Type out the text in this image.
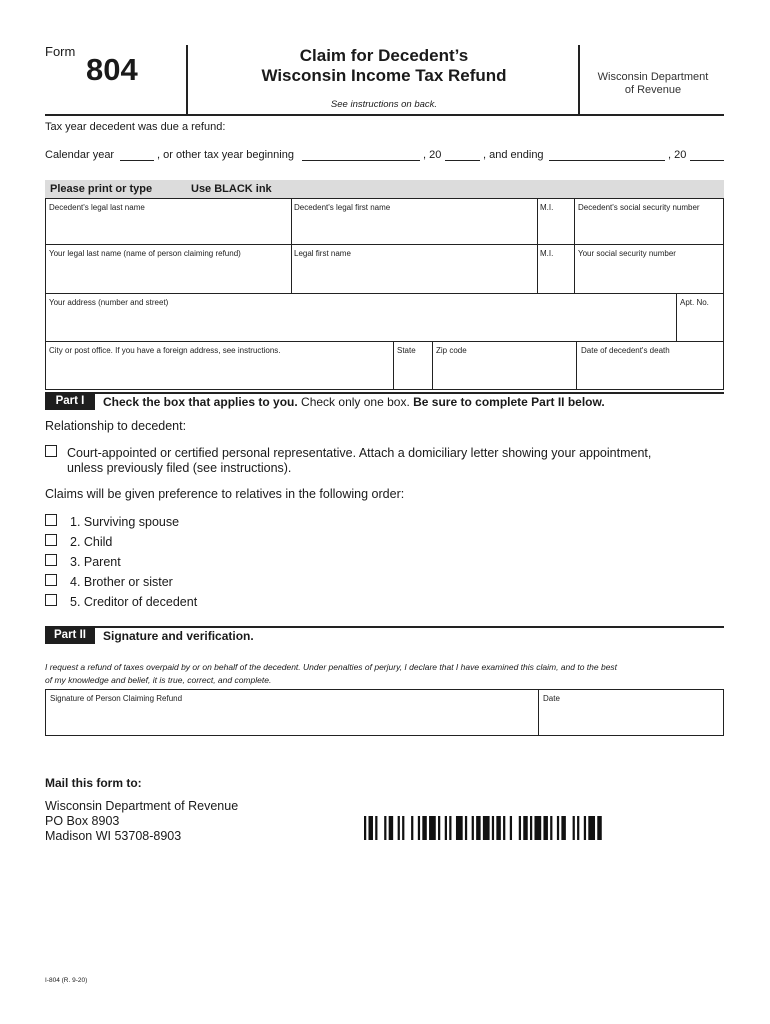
Form
804	Claim for Decedent’s
Wisconsin Income Tax Refund	Wisconsin Department
of Revenue
See instructions on back.
Tax year decedent was due a refund:
Calendar year	, or other tax year beginning	, 20	, and ending	, 20
Please print or type	Use BLACK ink
Decedent's legal last name	Decedent's legal first name	M.I.	Decedent's social security number
Your legal last name (name of person claiming refund)	Legal first name	M.I.	Your social security number
Your address (number and street)	Apt. No.
City or post office. If you have a foreign address, see instructions.	State	Zip code	Date of decedent's death
Part I	Check the box that applies to you. Check only one box. Be sure to complete Part II below.
Relationship to decedent:
Court-appointed or certified personal representative. Attach a domiciliary letter showing your appointment,
unless previously filed (see instructions).
Claims will be given preference to relatives in the following order:
1. Surviving spouse
2. Child
3. Parent
4. Brother or sister
5. Creditor of decedent
Part II	Signature and verification.
I request a refund of taxes overpaid by or on behalf of the decedent. Under penalties of perjury, I declare that I have examined this claim, and to the best
of my knowledge and belief, it is true, correct, and complete.
Signature of Person Claiming Refund	Date
Mail this form to:
Wisconsin Department of Revenue
PO Box 8903
Madison WI 53708-8903
I-804 (R. 9-20)
